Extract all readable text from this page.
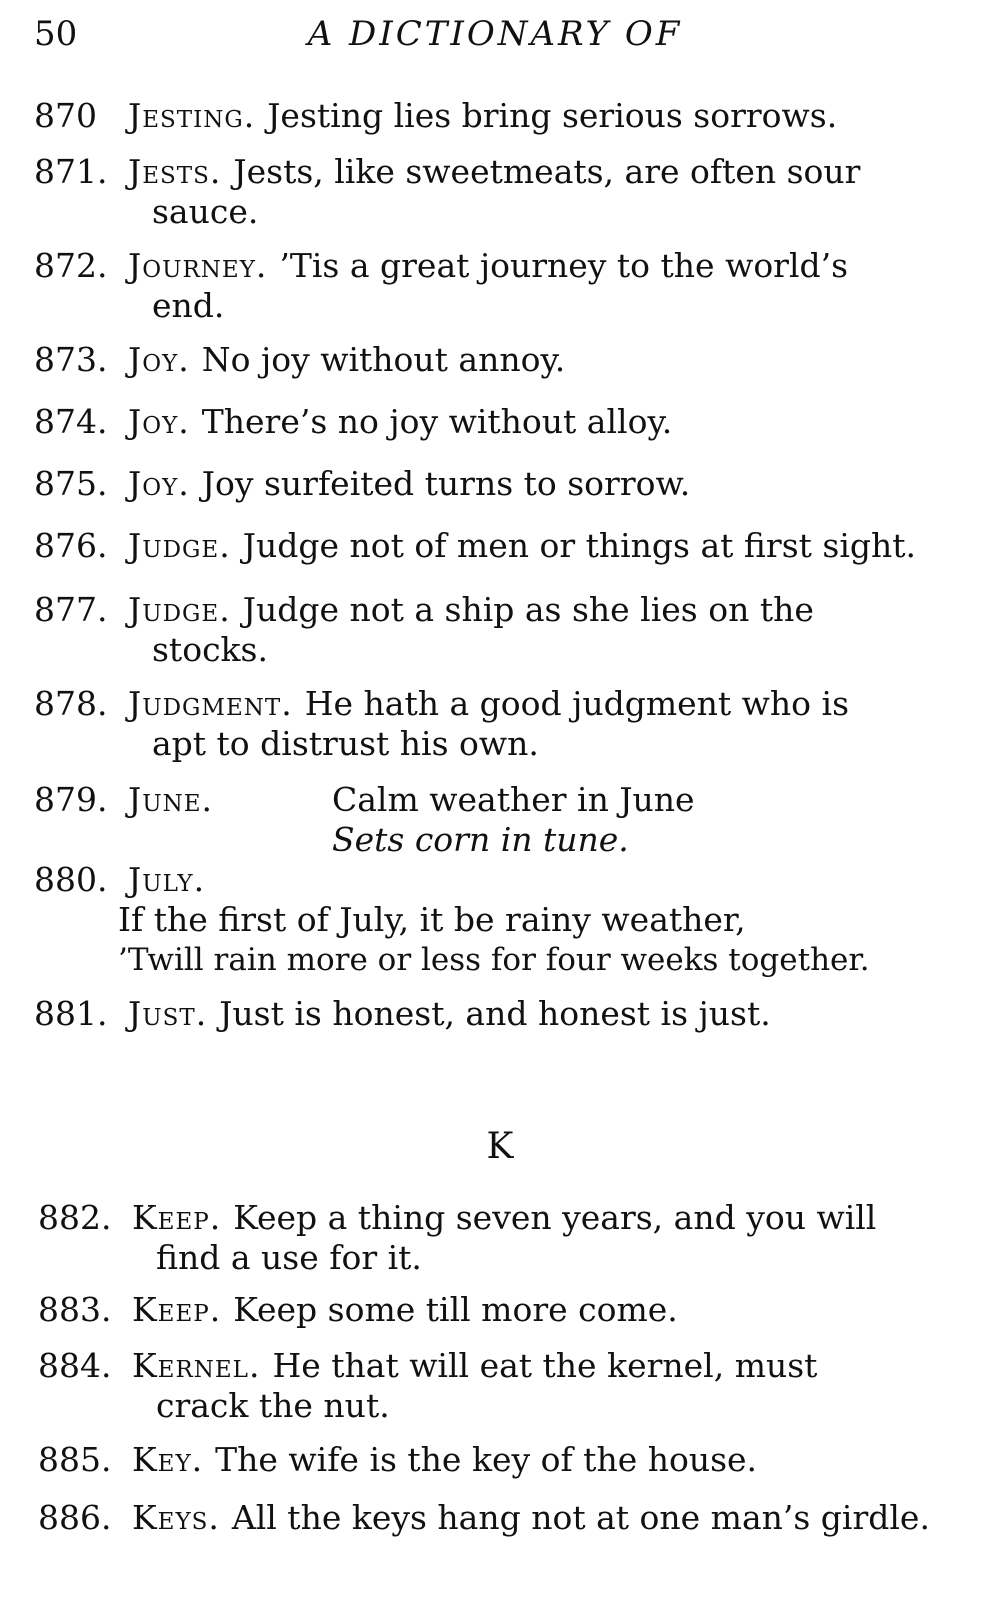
50	A DICTIONARY OF
870 Jesting. Jesting lies bring serious sorrows.
871. Jests. Jests, like sweetmeats, are often sour
sauce.
872. Journey. ’Tis a great journey to the world’s
end.
873. Joy. No joy without annoy.
874. Joy. There’s no joy without alloy.
875. Joy. Joy surfeited turns to sorrow.
876. Judge. Judge not of men or things at first sight.
877. Judge. Judge not a ship as she lies on the
stocks.
878. Judgment. He hath a good judgment who is
apt to distrust his own.
879. June.	Calm weather in June
Sets corn in tune.
880. July.
If the first of July, it be rainy weather,
’Twill rain more or less for four weeks together.
881. Just. Just is honest, and honest is just.
K
882. Keep. Keep a thing seven years, and you will
find a use for it.
883. Keep. Keep some till more come.
884. Kernel. He that will eat the kernel, must
crack the nut.
885. Key. The wife is the key of the house.
886. Keys. All the keys hang not at one man’s girdle.
